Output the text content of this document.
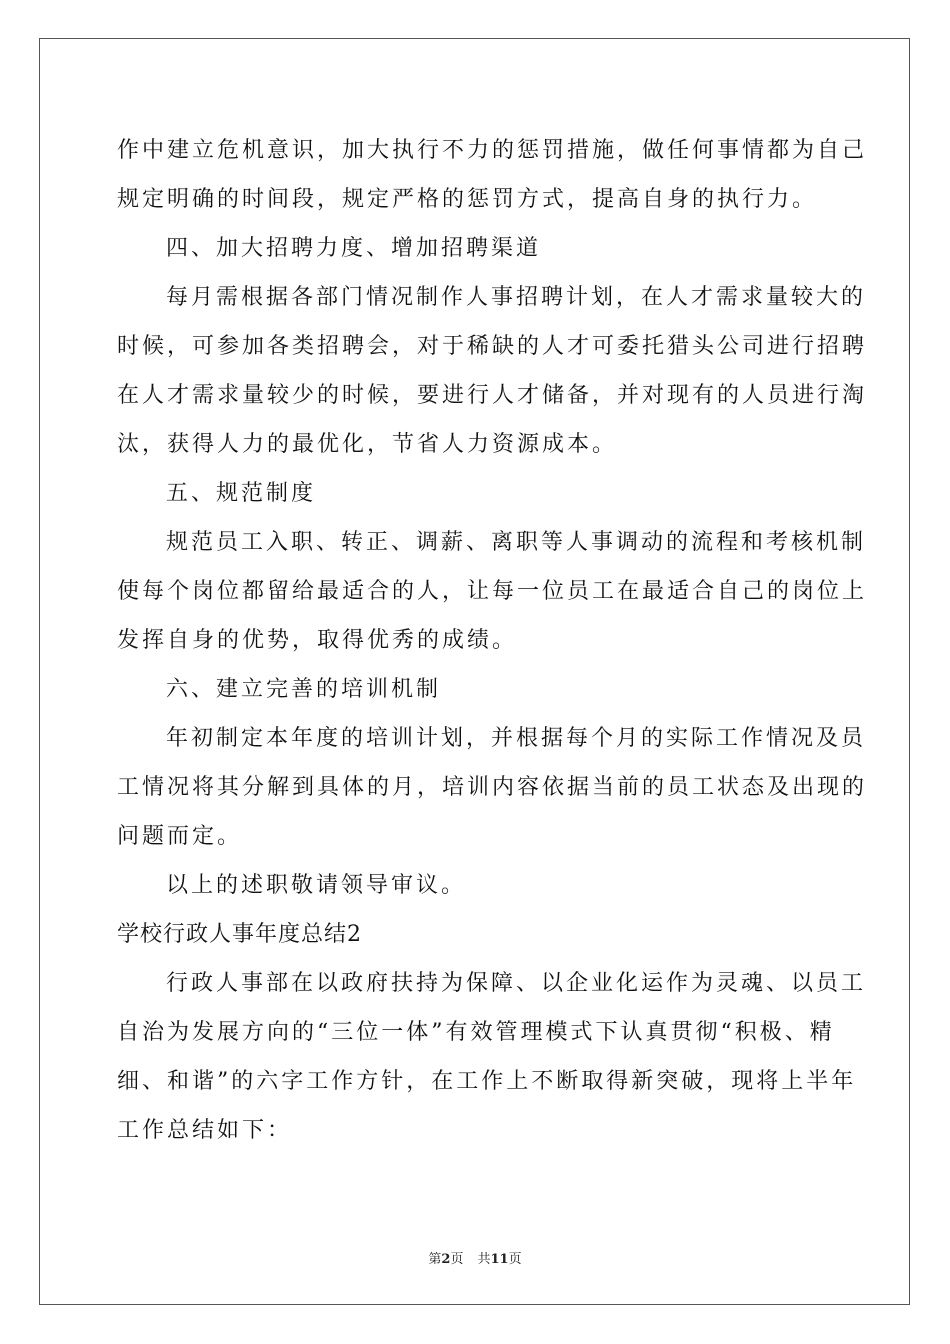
作中建立危机意识，加大执行不力的惩罚措施，做任何事情都为自己
规定明确的时间段，规定严格的惩罚方式，提高自身的执行力。
四、加大招聘力度、增加招聘渠道
每月需根据各部门情况制作人事招聘计划，在人才需求量较大的
时候，可参加各类招聘会，对于稀缺的人才可委托猎头公司进行招聘
在人才需求量较少的时候，要进行人才储备，并对现有的人员进行淘
汰，获得人力的最优化，节省人力资源成本。
五、规范制度
规范员工入职、转正、调薪、离职等人事调动的流程和考核机制
使每个岗位都留给最适合的人，让每一位员工在最适合自己的岗位上
发挥自身的优势，取得优秀的成绩。
六、建立完善的培训机制
年初制定本年度的培训计划，并根据每个月的实际工作情况及员
工情况将其分解到具体的月，培训内容依据当前的员工状态及出现的
问题而定。
以上的述职敬请领导审议。
学校行政人事年度总结2
行政人事部在以政府扶持为保障、以企业化运作为灵魂、以员工
自治为发展方向的“三位一体”有效管理模式下认真贯彻“积极、精
细、和谐”的六字工作方针，在工作上不断取得新突破，现将上半年
工作总结如下：
第2页 共11页
